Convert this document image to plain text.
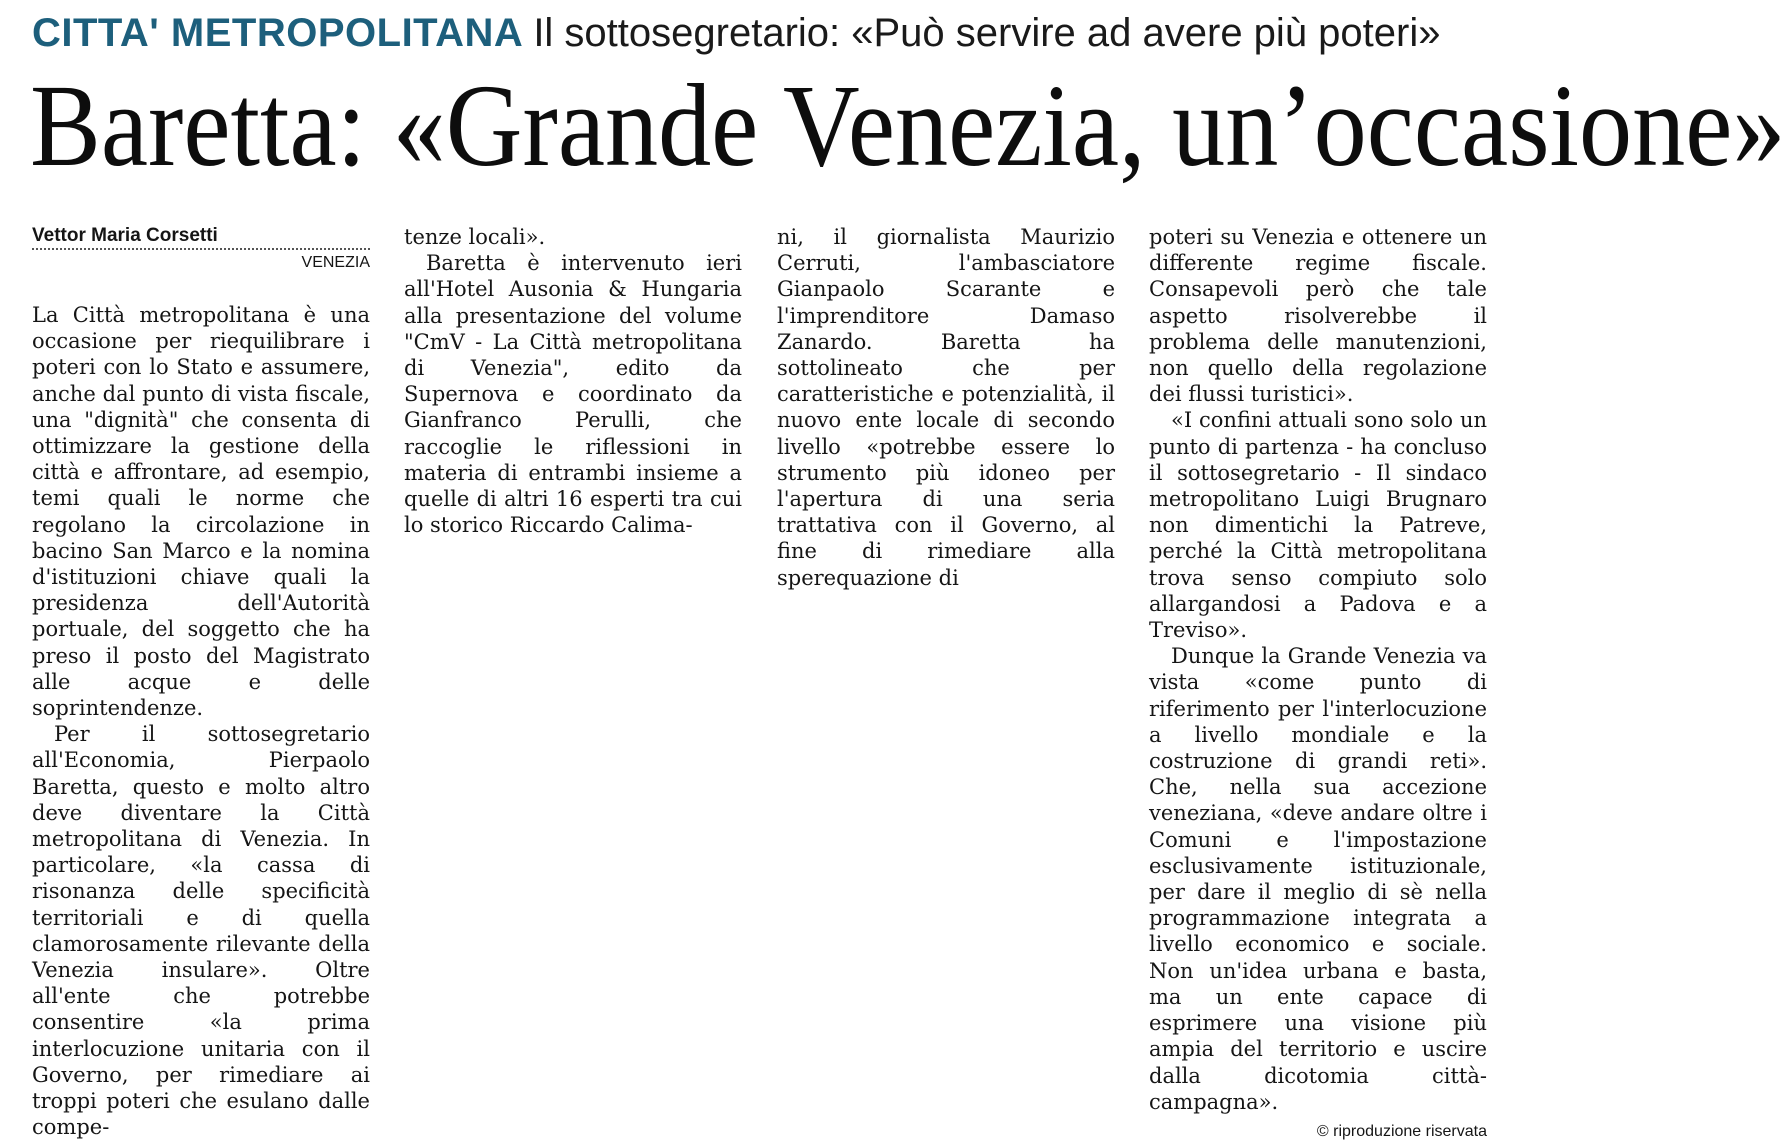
CITTA' METROPOLITANA Il sottosegretario: «Può servire ad avere più poteri»
Baretta: «Grande Venezia, un’occasione»
Vettor Maria Corsetti
VENEZIA

La Città metropolitana è una occasione per riequilibrare i poteri con lo Stato e assumere, anche dal punto di vista fiscale, una "dignità" che consenta di ottimizzare la gestione della città e affrontare, ad esempio, temi quali le norme che regolano la circolazione in bacino San Marco e la nomina d'istituzioni chiave quali la presidenza dell'Autorità portuale, del soggetto che ha preso il posto del Magistrato alle acque e delle soprintendenze.

Per il sottosegretario all'Economia, Pierpaolo Baretta, questo e molto altro deve diventare la Città metropolitana di Venezia. In particolare, «la cassa di risonanza delle specificità territoriali e di quella clamorosamente rilevante della Venezia insulare». Oltre all'ente che potrebbe consentire «la prima interlocuzione unitaria con il Governo, per rimediare ai troppi poteri che esulano dalle compe-

tenze locali».

Baretta è intervenuto ieri all'Hotel Ausonia & Hungaria alla presentazione del volume "CmV - La Città metropolitana di Venezia", edito da Supernova e coordinato da Gianfranco Perulli, che raccoglie le riflessioni in materia di entrambi insieme a quelle di altri 16 esperti tra cui lo storico Riccardo Calima-

ni, il giornalista Maurizio Cerruti, l'ambasciatore Gianpaolo Scarante e l'imprenditore Damaso Zanardo. Baretta ha sottolineato che per caratteristiche e potenzialità, il nuovo ente locale di secondo livello «potrebbe essere lo strumento più idoneo per l'apertura di una seria trattativa con il Governo, al fine di rimediare alla sperequazione di

poteri su Venezia e ottenere un differente regime fiscale. Consapevoli però che tale aspetto risolverebbe il problema delle manutenzioni, non quello della regolazione dei flussi turistici».

«I confini attuali sono solo un punto di partenza - ha concluso il sottosegretario - Il sindaco metropolitano Luigi Brugnaro non dimentichi la Patreve, perché la Città metropolitana trova senso compiuto solo allargandosi a Padova e a Treviso».

Dunque la Grande Venezia va vista «come punto di riferimento per l'interlocuzione a livello mondiale e la costruzione di grandi reti». Che, nella sua accezione veneziana, «deve andare oltre i Comuni e l'impostazione esclusivamente istituzionale, per dare il meglio di sè nella programmazione integrata a livello economico e sociale. Non un'idea urbana e basta, ma un ente capace di esprimere una visione più ampia del territorio e uscire dalla dicotomia città-campagna».

© riproduzione riservata
